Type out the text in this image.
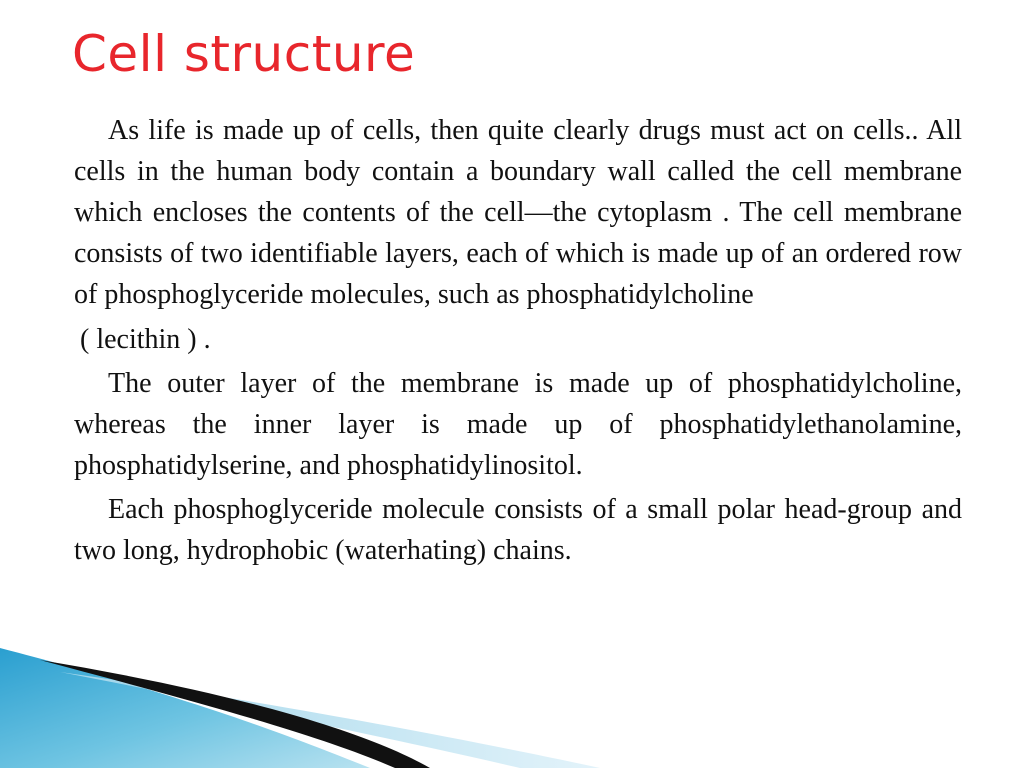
Cell structure

As life is made up of cells, then quite clearly drugs must act on cells.. All cells in the human body contain a boundary wall called the cell membrane which encloses the contents of the cell—the cytoplasm . The cell membrane consists of two identifiable layers, each of which is made up of an ordered row of phosphoglyceride molecules, such as phosphatidylcholine

( lecithin ) .

The outer layer of the membrane is made up of phosphatidylcholine, whereas the inner layer is made up of phosphatidylethanolamine, phosphatidylserine, and phosphatidylinositol.

Each phosphoglyceride molecule consists of a small polar head-group and two long, hydrophobic (waterhating) chains.
